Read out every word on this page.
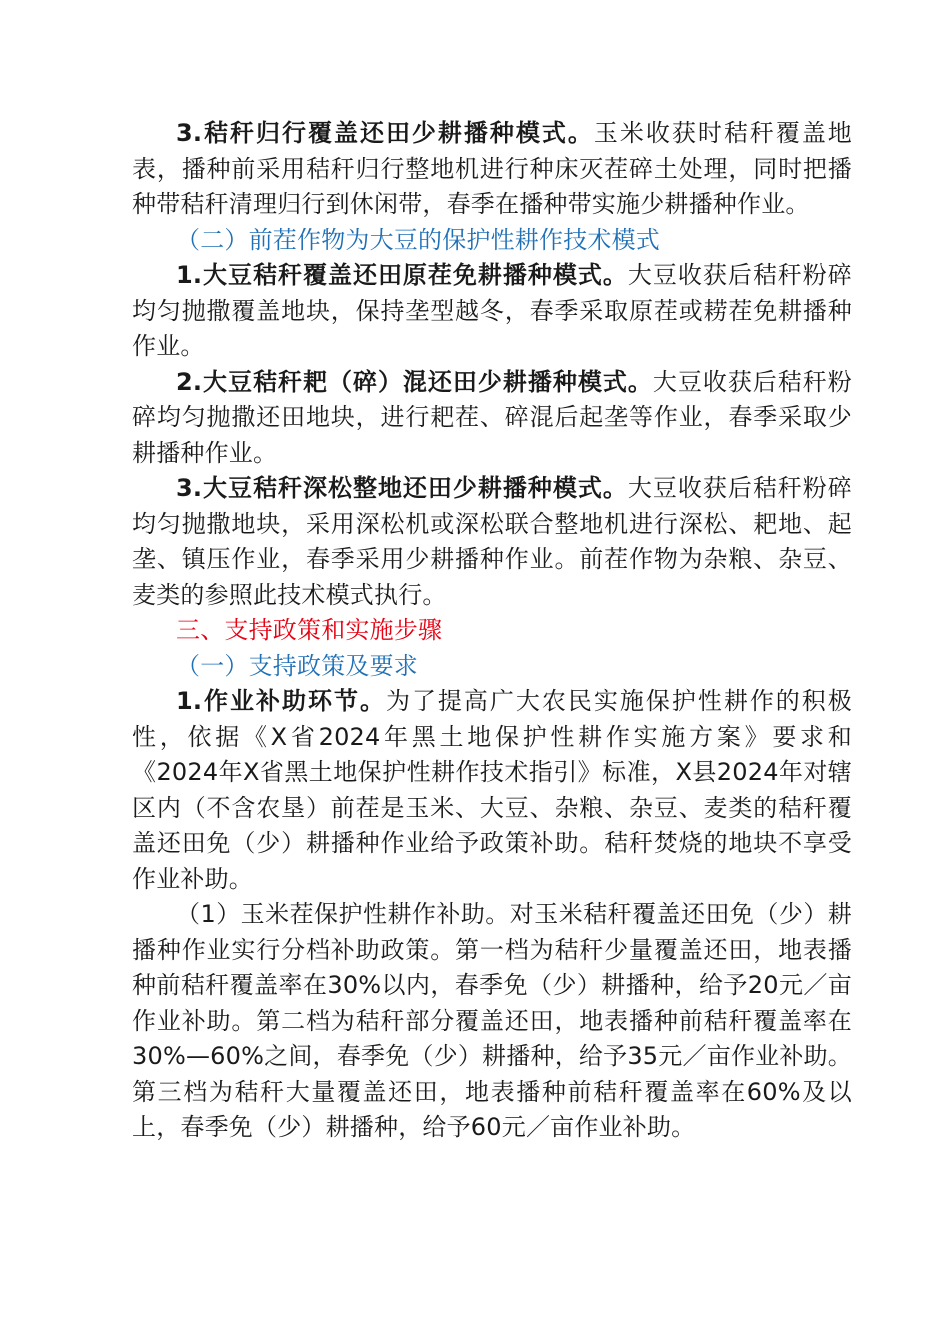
3.秸秆归行覆盖还田少耕播种模式。玉米收获时秸秆覆盖地表，播种前采用秸秆归行整地机进行种床灭茬碎土处理，同时把播种带秸秆清理归行到休闲带，春季在播种带实施少耕播种作业。

（二）前茬作物为大豆的保护性耕作技术模式

1.大豆秸秆覆盖还田原茬免耕播种模式。大豆收获后秸秆粉碎均匀抛撒覆盖地块，保持垄型越冬，春季采取原茬或耢茬免耕播种作业。

2.大豆秸秆耙（碎）混还田少耕播种模式。大豆收获后秸秆粉碎均匀抛撒还田地块，进行耙茬、碎混后起垄等作业，春季采取少耕播种作业。

3.大豆秸秆深松整地还田少耕播种模式。大豆收获后秸秆粉碎均匀抛撒地块，采用深松机或深松联合整地机进行深松、耙地、起垄、镇压作业，春季采用少耕播种作业。前茬作物为杂粮、杂豆、麦类的参照此技术模式执行。

三、支持政策和实施步骤

（一）支持政策及要求

1.作业补助环节。为了提高广大农民实施保护性耕作的积极性，依据《X省2024年黑土地保护性耕作实施方案》要求和《2024年X省黑土地保护性耕作技术指引》标准，X县2024年对辖区内（不含农垦）前茬是玉米、大豆、杂粮、杂豆、麦类的秸秆覆盖还田免（少）耕播种作业给予政策补助。秸秆焚烧的地块不享受作业补助。

（1）玉米茬保护性耕作补助。对玉米秸秆覆盖还田免（少）耕播种作业实行分档补助政策。第一档为秸秆少量覆盖还田，地表播种前秸秆覆盖率在30%以内，春季免（少）耕播种，给予20元／亩作业补助。第二档为秸秆部分覆盖还田，地表播种前秸秆覆盖率在30%—60%之间，春季免（少）耕播种，给予35元／亩作业补助。第三档为秸秆大量覆盖还田，地表播种前秸秆覆盖率在60%及以上，春季免（少）耕播种，给予60元／亩作业补助。
